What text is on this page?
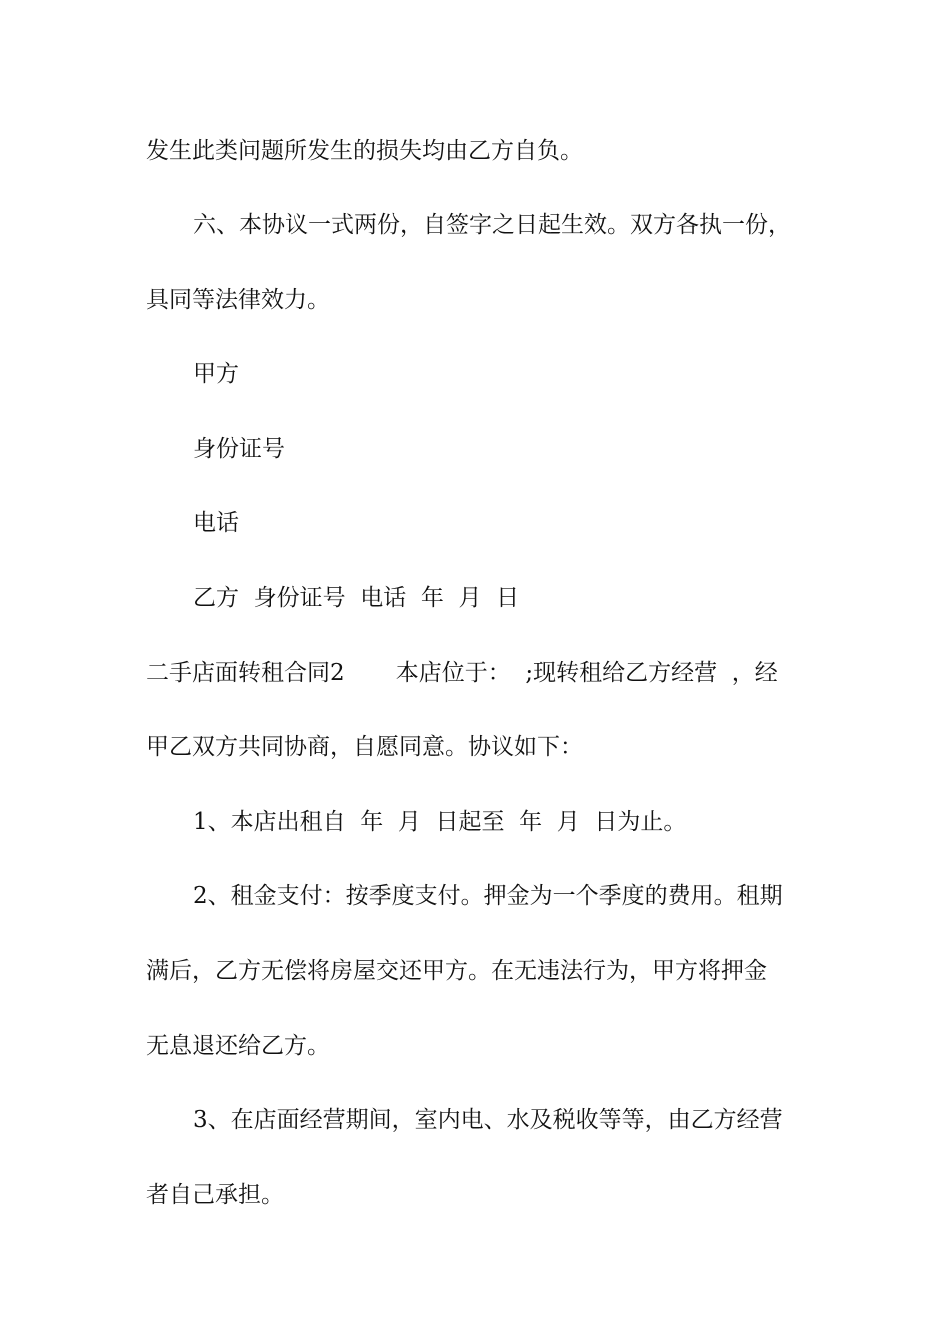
发生此类问题所发生的损失均由乙方自负。
六、本协议一式两份，自签字之日起生效。双方各执一份，
具同等法律效力。
甲方
身份证号
电话
乙方  身份证号  电话  年  月  日
二手店面转租合同2       本店位于：  ;现转租给乙方经营  ，经
甲乙双方共同协商，自愿同意。协议如下：
1、本店出租自  年  月  日起至  年  月  日为止。
2、租金支付：按季度支付。押金为一个季度的费用。租期
满后，乙方无偿将房屋交还甲方。在无违法行为，甲方将押金
无息退还给乙方。
3、在店面经营期间，室内电、水及税收等等，由乙方经营
者自己承担。
